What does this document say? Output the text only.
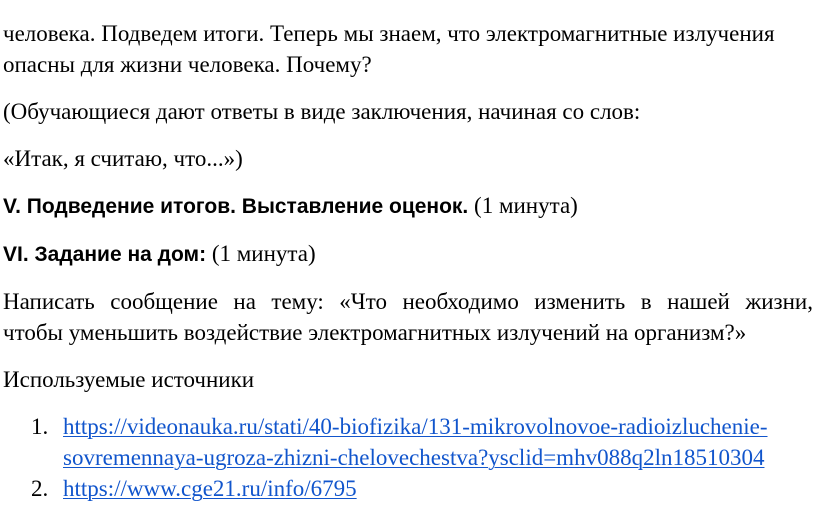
человека. Подведем итоги. Теперь мы знаем, что электромагнитные излучения

опасны для жизни человека. Почему?

(Обучающиеся дают ответы в виде заключения, начиная со слов:

«Итак, я считаю, что...»)

V. Подведение итогов. Выставление оценок. (1 минута)

VI. Задание на дом: (1 минута)

Написать сообщение на тему: «Что необходимо изменить в нашей жизни,

чтобы уменьшить воздействие электромагнитных излучений на организм?»

Используемые источники

1. https://videonauka.ru/stati/40-biofizika/131-mikrovolnovoe-radioizluchenie-
sovremennaya-ugroza-zhizni-chelovechestva?ysclid=mhv088q2ln18510304
2. https://www.cge21.ru/info/6795
